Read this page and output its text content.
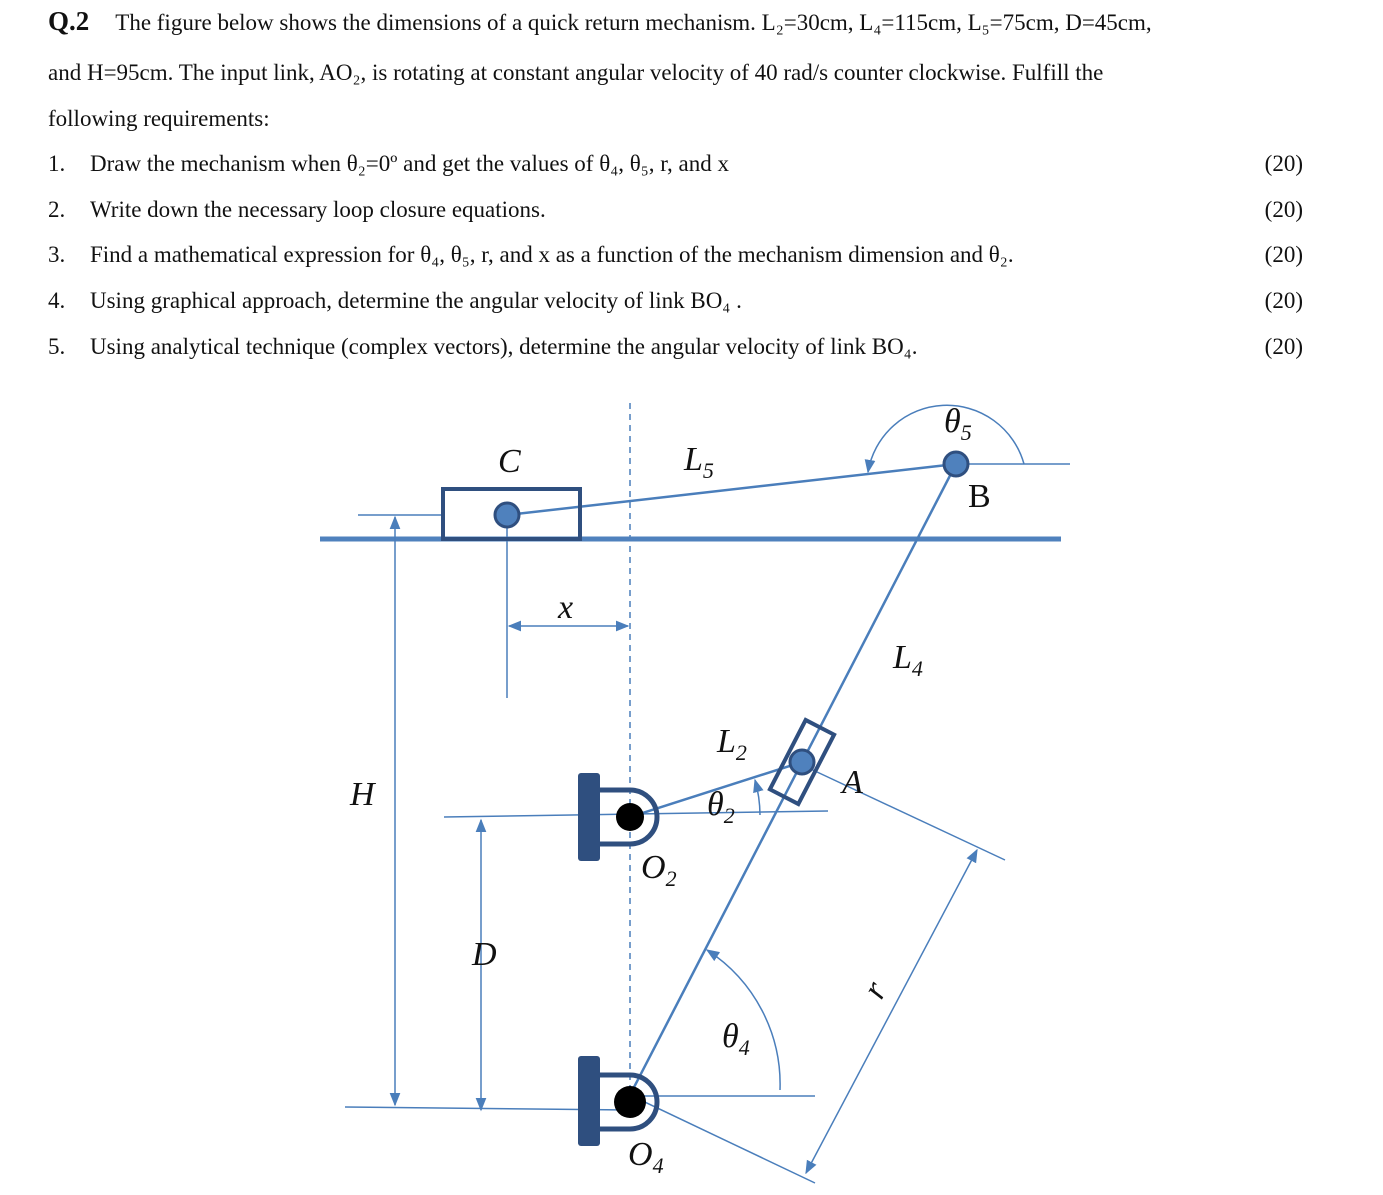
Q.2 The figure below shows the dimensions of a quick return mechanism. L₂=30cm, L₄=115cm, L₅=75cm, D=45cm,
and H=95cm. The input link, AO₂, is rotating at constant angular velocity of 40 rad/s counter clockwise. Fulfill the
following requirements:
1. Draw the mechanism when θ₂=0º and get the values of θ₄, θ₅, r, and x	(20)
2. Write down the necessary loop closure equations.	(20)
3. Find a mathematical expression for θ₄, θ₅, r, and x as a function of the mechanism dimension and θ₂.	(20)
4. Using graphical approach, determine the angular velocity of link BO₄ .	(20)
5. Using analytical technique (complex vectors), determine the angular velocity of link BO₄.	(20)
$\theta_5$
C	$L_5$
B
x
$L_4$
$L_2$
H	A
$\theta_2$
$O_2$
D
r
$\theta_4$
$O_4$
